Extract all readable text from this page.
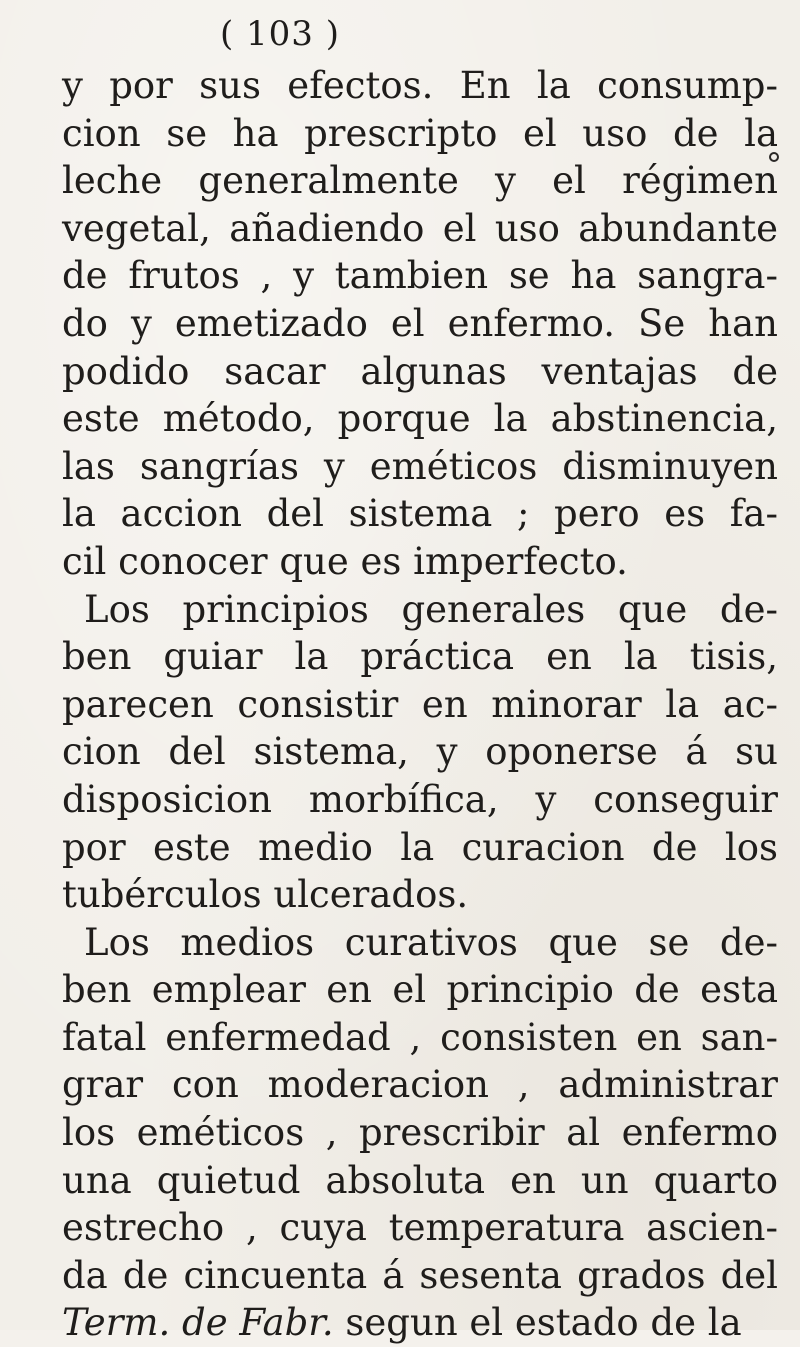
( 103 )
y por sus efectos. En la consump-
cion se ha prescripto el uso de la
leche generalmente y el régimen
vegetal, añadiendo el uso abundante
de frutos , y tambien se ha sangra-
do y emetizado el enfermo. Se han
podido sacar algunas ventajas de
este método, porque la abstinencia,
las sangrías y eméticos disminuyen
la accion del sistema ; pero es fa-
cil conocer que es imperfecto.
Los principios generales que de-
ben guiar la práctica en la tisis,
parecen consistir en minorar la ac-
cion del sistema, y oponerse á su
disposicion morbífica, y conseguir
por este medio la curacion de los
tubérculos ulcerados.
Los medios curativos que se de-
ben emplear en el principio de esta
fatal enfermedad , consisten en san-
grar con moderacion , administrar
los eméticos , prescribir al enfermo
una quietud absoluta en un quarto
estrecho , cuya temperatura ascien-
da de cincuenta á sesenta grados del
Term. de Fabr. segun el estado de la
